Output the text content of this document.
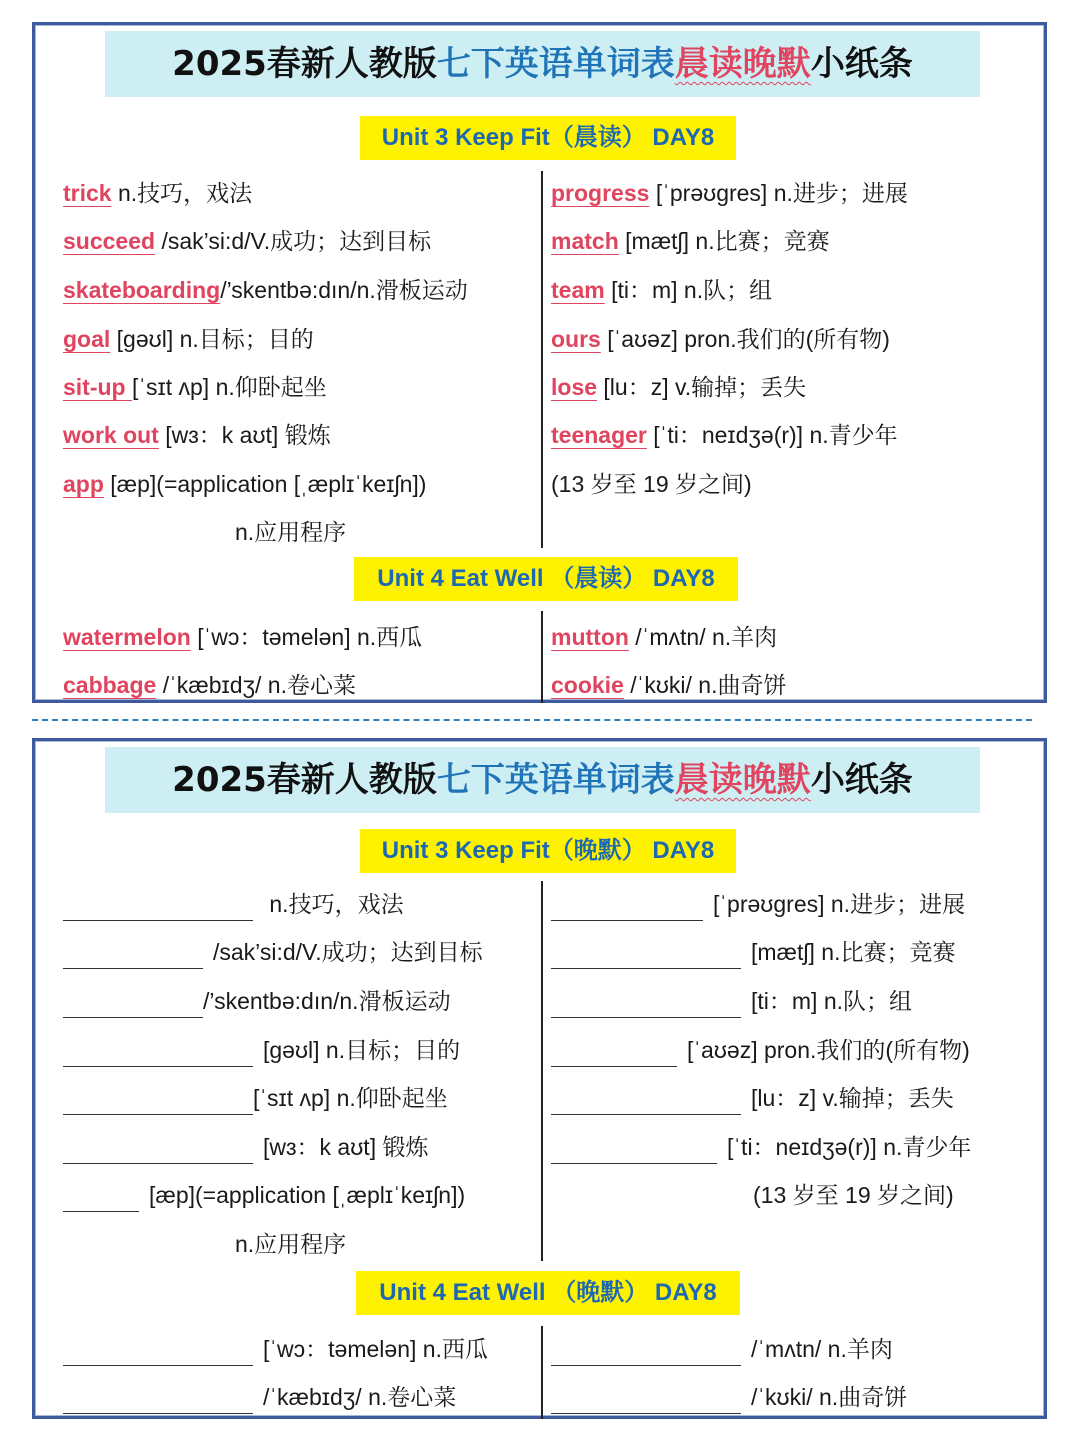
2025春新人教版七下英语单词表晨读晚默小纸条
Unit 3 Keep Fit（晨读） DAY8
trick n.技巧，戏法
succeed /sak’si:d/V.成功；达到目标
skateboarding/’skentbə:dın/n.滑板运动
goal [gəʊl] n.目标；目的
sit-up [ˈsɪt ʌp] n.仰卧起坐
work out [wɜ：k aʊt] 锻炼
app [æp](=application [ˌæplɪˈkeɪʃn])
n.应用程序
progress [ˈprəʊgres] n.进步；进展
match [mætʃ] n.比赛；竞赛
team [ti：m] n.队；组
ours [ˈaʊəz] pron.我们的(所有物)
lose [lu：z] v.输掉；丢失
teenager [ˈti：neɪdʒə(r)] n.青少年
(13 岁至 19 岁之间)
Unit 4 Eat Well （晨读） DAY8
watermelon [ˈwɔ：təmelən] n.西瓜
cabbage /ˈkæbɪdʒ/ n.卷心菜
mutton /ˈmʌtn/ n.羊肉
cookie /ˈkʊki/ n.曲奇饼
2025春新人教版七下英语单词表晨读晚默小纸条
Unit 3 Keep Fit（晚默） DAY8
n.技巧，戏法
/sak’si:d/V.成功；达到目标
/’skentbə:dın/n.滑板运动
[gəʊl] n.目标；目的
[ˈsɪt ʌp] n.仰卧起坐
[wɜ：k aʊt] 锻炼
[æp](=application [ˌæplɪˈkeɪʃn])
n.应用程序
[ˈprəʊgres] n.进步；进展
[mætʃ] n.比赛；竞赛
[ti：m] n.队；组
[ˈaʊəz] pron.我们的(所有物)
[lu：z] v.输掉；丢失
[ˈti：neɪdʒə(r)] n.青少年
(13 岁至 19 岁之间)
Unit 4 Eat Well （晚默） DAY8
[ˈwɔ：təmelən] n.西瓜
/ˈkæbɪdʒ/ n.卷心菜
/ˈmʌtn/ n.羊肉
/ˈkʊki/ n.曲奇饼
